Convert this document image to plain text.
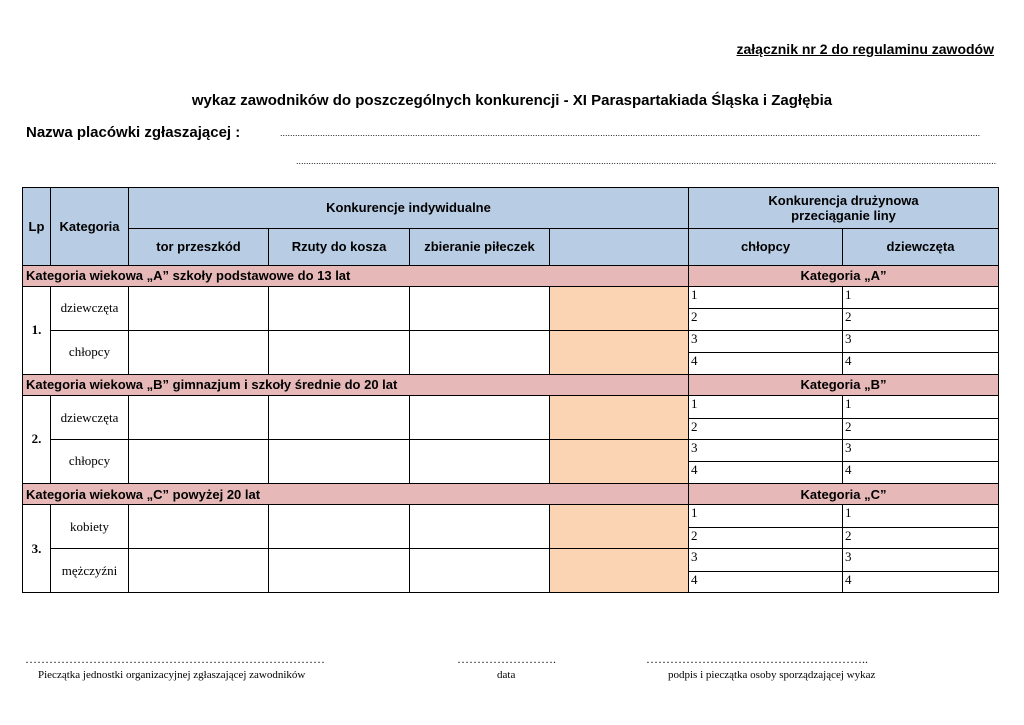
załącznik nr 2 do regulaminu zawodów
wykaz zawodników do poszczególnych konkurencji - XI Paraspartakiada Śląska i Zagłębia
Nazwa placówki zgłaszającej :	........................................................................................................................................................................................................................................................................................
........................................................................................................................................................................................................................................................................................
Lp	Kategoria	Konkurencje indywidualne				Konkurencja drużynowa
przeciąganie liny	

		tor przeszkód	Rzuty do kosza	zbieranie piłeczek		chłopcy	dziewczęta
Kategoria wiekowa „A” szkoły podstawowe do 13 lat						Kategoria „A”	
1.	dziewczęta					1	1
						2	2
	chłopcy					3	3
						4	4
Kategoria wiekowa „B” gimnazjum i szkoły średnie do 20 lat						Kategoria „B”	
2.	dziewczęta					1	1
						2	2
	chłopcy					3	3
						4	4
Kategoria wiekowa „C” powyżej 20 lat						Kategoria „C”	
3.	kobiety					1	1
						2	2
	mężczyźni					3	3
						4	4
…………………………………………………………………	…………………….	………………………………………………..
Pieczątka jednostki organizacyjnej zgłaszającej zawodników	data	podpis i pieczątka osoby sporządzającej wykaz
